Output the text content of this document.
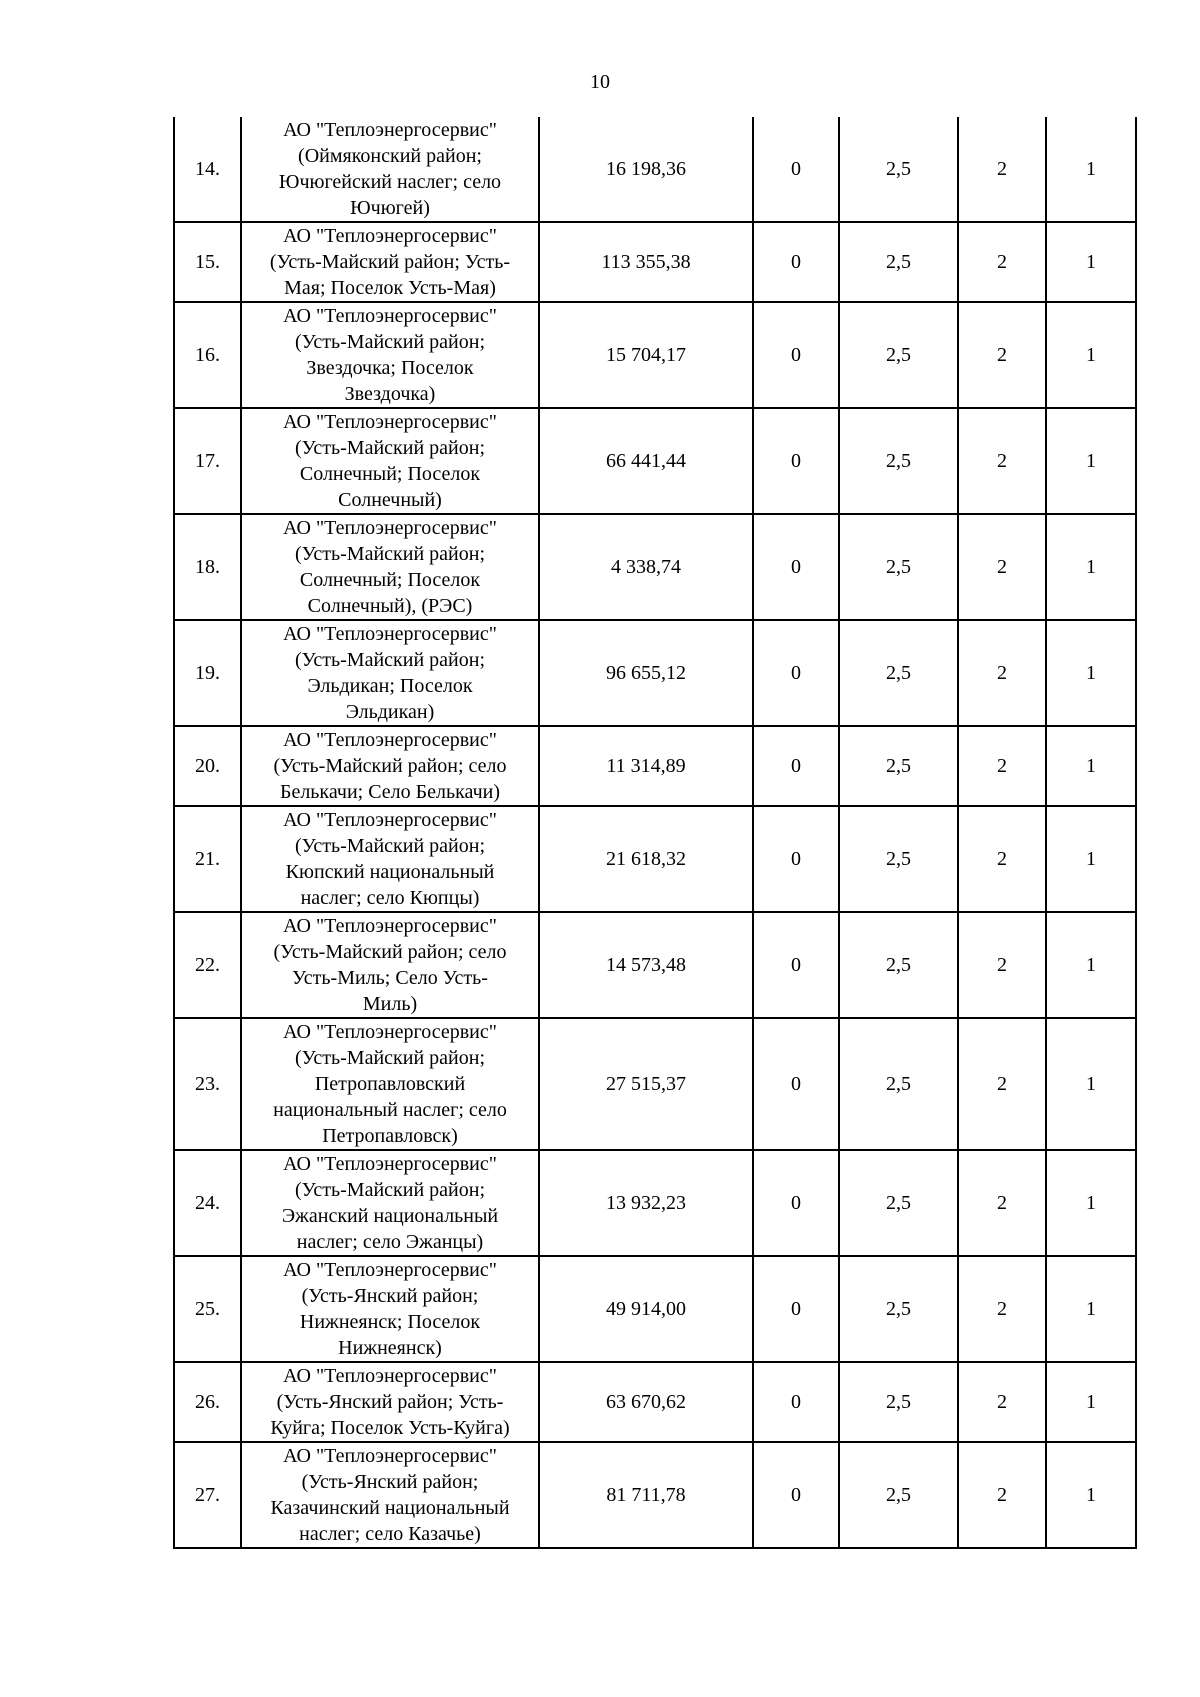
10
14.	АО "Теплоэнергосервис"
(Оймяконский район;
Ючюгейский наслег; село
Ючюгей)	16 198,36	0	2,5	2	1
15.	АО "Теплоэнергосервис"
(Усть-Майский район; Усть-
Мая; Поселок Усть-Мая)	113 355,38	0	2,5	2	1
16.	АО "Теплоэнергосервис"
(Усть-Майский район;
Звездочка; Поселок
Звездочка)	15 704,17	0	2,5	2	1
17.	АО "Теплоэнергосервис"
(Усть-Майский район;
Солнечный; Поселок
Солнечный)	66 441,44	0	2,5	2	1
18.	АО "Теплоэнергосервис"
(Усть-Майский район;
Солнечный; Поселок
Солнечный), (РЭС)	4 338,74	0	2,5	2	1
19.	АО "Теплоэнергосервис"
(Усть-Майский район;
Эльдикан; Поселок
Эльдикан)	96 655,12	0	2,5	2	1
20.	АО "Теплоэнергосервис"
(Усть-Майский район; село
Белькачи; Село Белькачи)	11 314,89	0	2,5	2	1
21.	АО "Теплоэнергосервис"
(Усть-Майский район;
Кюпский национальный
наслег; село Кюпцы)	21 618,32	0	2,5	2	1
22.	АО "Теплоэнергосервис"
(Усть-Майский район; село
Усть-Миль; Село Усть-
Миль)	14 573,48	0	2,5	2	1
23.	АО "Теплоэнергосервис"
(Усть-Майский район;
Петропавловский
национальный наслег; село
Петропавловск)	27 515,37	0	2,5	2	1
24.	АО "Теплоэнергосервис"
(Усть-Майский район;
Эжанский национальный
наслег; село Эжанцы)	13 932,23	0	2,5	2	1
25.	АО "Теплоэнергосервис"
(Усть-Янский район;
Нижнеянск; Поселок
Нижнеянск)	49 914,00	0	2,5	2	1
26.	АО "Теплоэнергосервис"
(Усть-Янский район; Усть-
Куйга; Поселок Усть-Куйга)	63 670,62	0	2,5	2	1
27.	АО "Теплоэнергосервис"
(Усть-Янский район;
Казачинский национальный
наслег; село Казачье)	81 711,78	0	2,5	2	1
